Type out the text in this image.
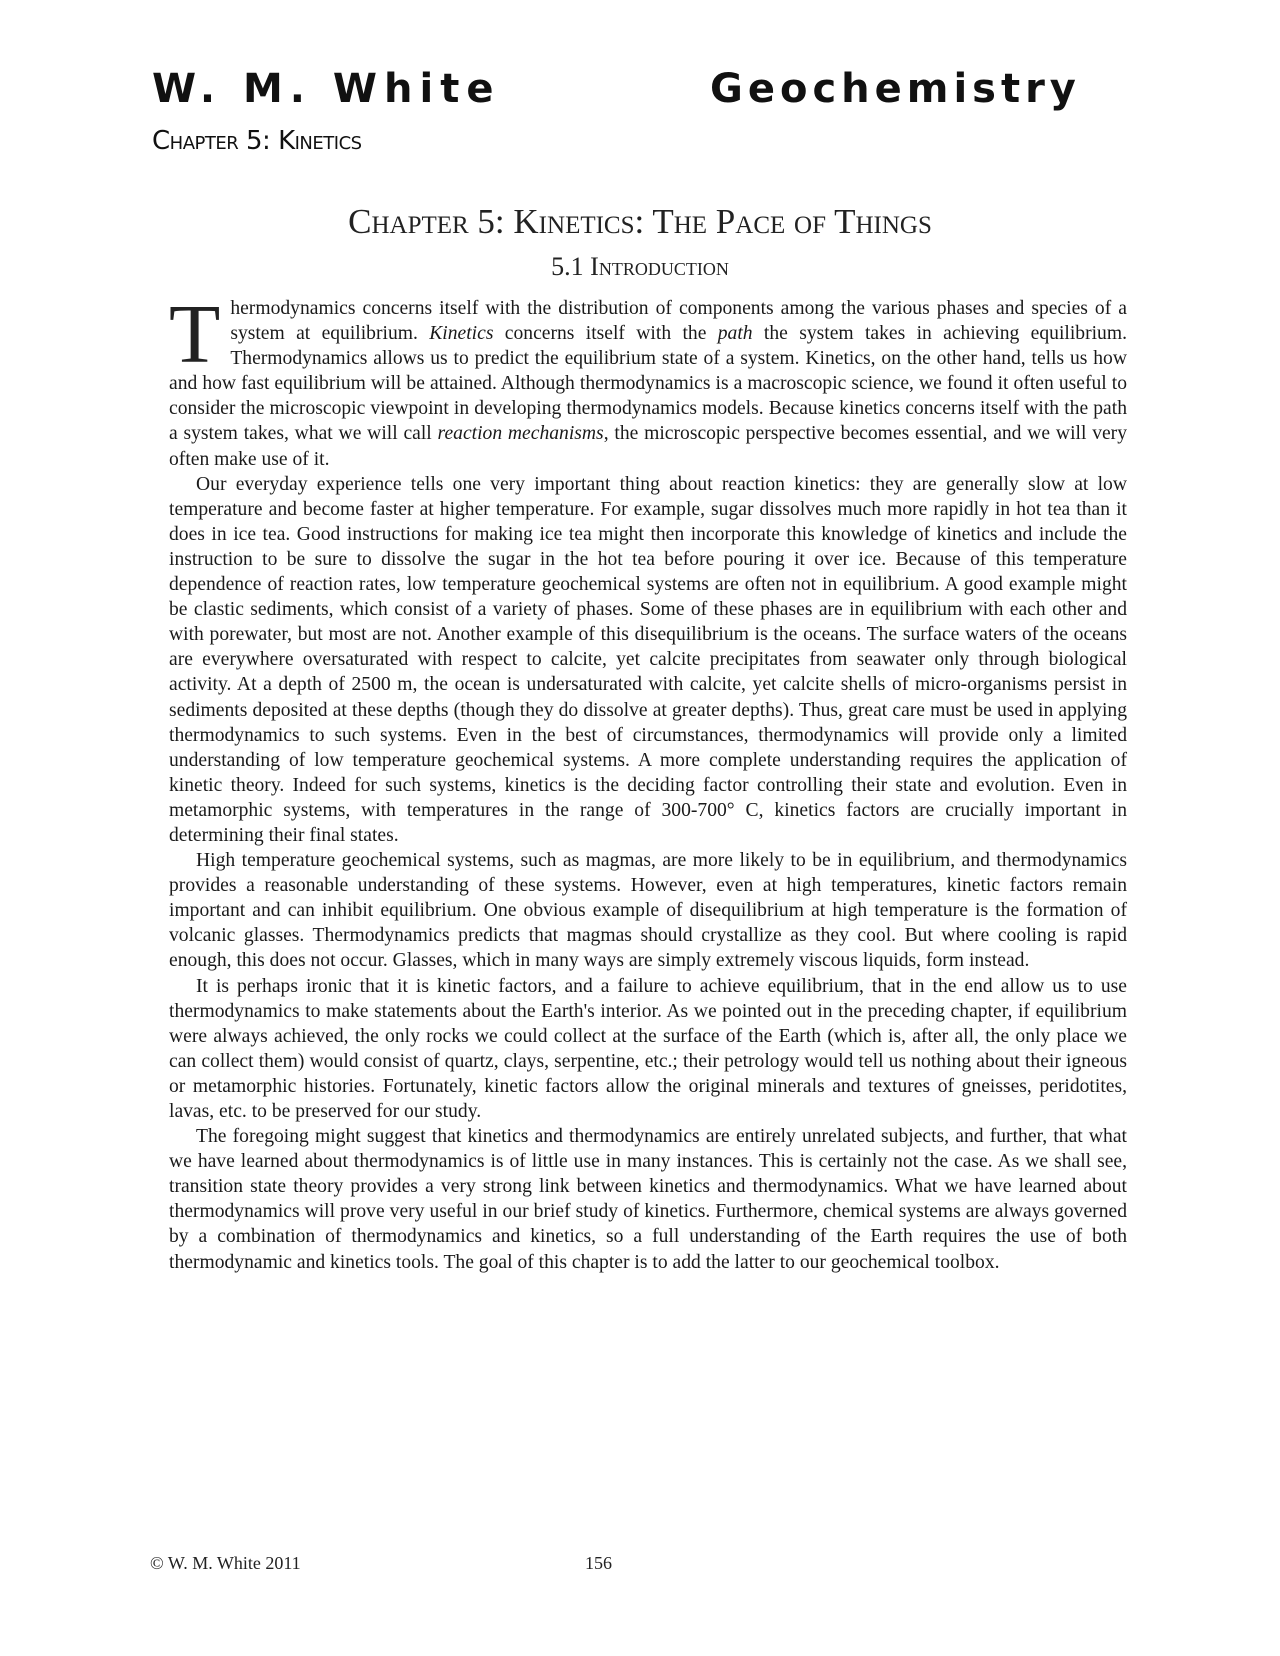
W. M. White	Geochemistry
Chapter 5: Kinetics
Chapter 5: Kinetics: The Pace of Things
5.1 Introduction

Thermodynamics concerns itself with the distribution of components among the various phases and species of a system at equilibrium. Kinetics concerns itself with the path the system takes in achieving equilibrium. Thermodynamics allows us to predict the equilibrium state of a system. Kinetics, on the other hand, tells us how and how fast equilibrium will be attained. Although thermodynamics is a macroscopic science, we found it often useful to consider the microscopic viewpoint in developing thermodynamics models. Because kinetics concerns itself with the path a system takes, what we will call reaction mechanisms, the microscopic perspective becomes essential, and we will very often make use of it.

Our everyday experience tells one very important thing about reaction kinetics: they are generally slow at low temperature and become faster at higher temperature. For example, sugar dissolves much more rapidly in hot tea than it does in ice tea. Good instructions for making ice tea might then incorporate this knowledge of kinetics and include the instruction to be sure to dissolve the sugar in the hot tea before pouring it over ice. Because of this temperature dependence of reaction rates, low temperature geochemical systems are often not in equilibrium. A good example might be clastic sediments, which consist of a variety of phases. Some of these phases are in equilibrium with each other and with porewater, but most are not. Another example of this disequilibrium is the oceans. The surface waters of the oceans are everywhere oversaturated with respect to calcite, yet calcite precipitates from seawater only through biological activity. At a depth of 2500 m, the ocean is undersaturated with calcite, yet calcite shells of micro-organisms persist in sediments deposited at these depths (though they do dissolve at greater depths). Thus, great care must be used in applying thermodynamics to such systems. Even in the best of circumstances, thermodynamics will provide only a limited understanding of low temperature geochemical systems. A more complete understanding requires the application of kinetic theory. Indeed for such systems, kinetics is the deciding factor controlling their state and evolution. Even in metamorphic systems, with temperatures in the range of 300-700° C, kinetics factors are crucially important in determining their final states.

High temperature geochemical systems, such as magmas, are more likely to be in equilibrium, and thermodynamics provides a reasonable understanding of these systems. However, even at high temperatures, kinetic factors remain important and can inhibit equilibrium. One obvious example of disequilibrium at high temperature is the formation of volcanic glasses. Thermodynamics predicts that magmas should crystallize as they cool. But where cooling is rapid enough, this does not occur. Glasses, which in many ways are simply extremely viscous liquids, form instead.

It is perhaps ironic that it is kinetic factors, and a failure to achieve equilibrium, that in the end allow us to use thermodynamics to make statements about the Earth's interior. As we pointed out in the preceding chapter, if equilibrium were always achieved, the only rocks we could collect at the surface of the Earth (which is, after all, the only place we can collect them) would consist of quartz, clays, serpentine, etc.; their petrology would tell us nothing about their igneous or metamorphic histories. Fortunately, kinetic factors allow the original minerals and textures of gneisses, peridotites, lavas, etc. to be preserved for our study.

The foregoing might suggest that kinetics and thermodynamics are entirely unrelated subjects, and further, that what we have learned about thermodynamics is of little use in many instances. This is certainly not the case. As we shall see, transition state theory provides a very strong link between kinetics and thermodynamics. What we have learned about thermodynamics will prove very useful in our brief study of kinetics. Furthermore, chemical systems are always governed by a combination of thermodynamics and kinetics, so a full understanding of the Earth requires the use of both thermodynamic and kinetics tools. The goal of this chapter is to add the latter to our geochemical toolbox.

© W. M. White 2011	156
